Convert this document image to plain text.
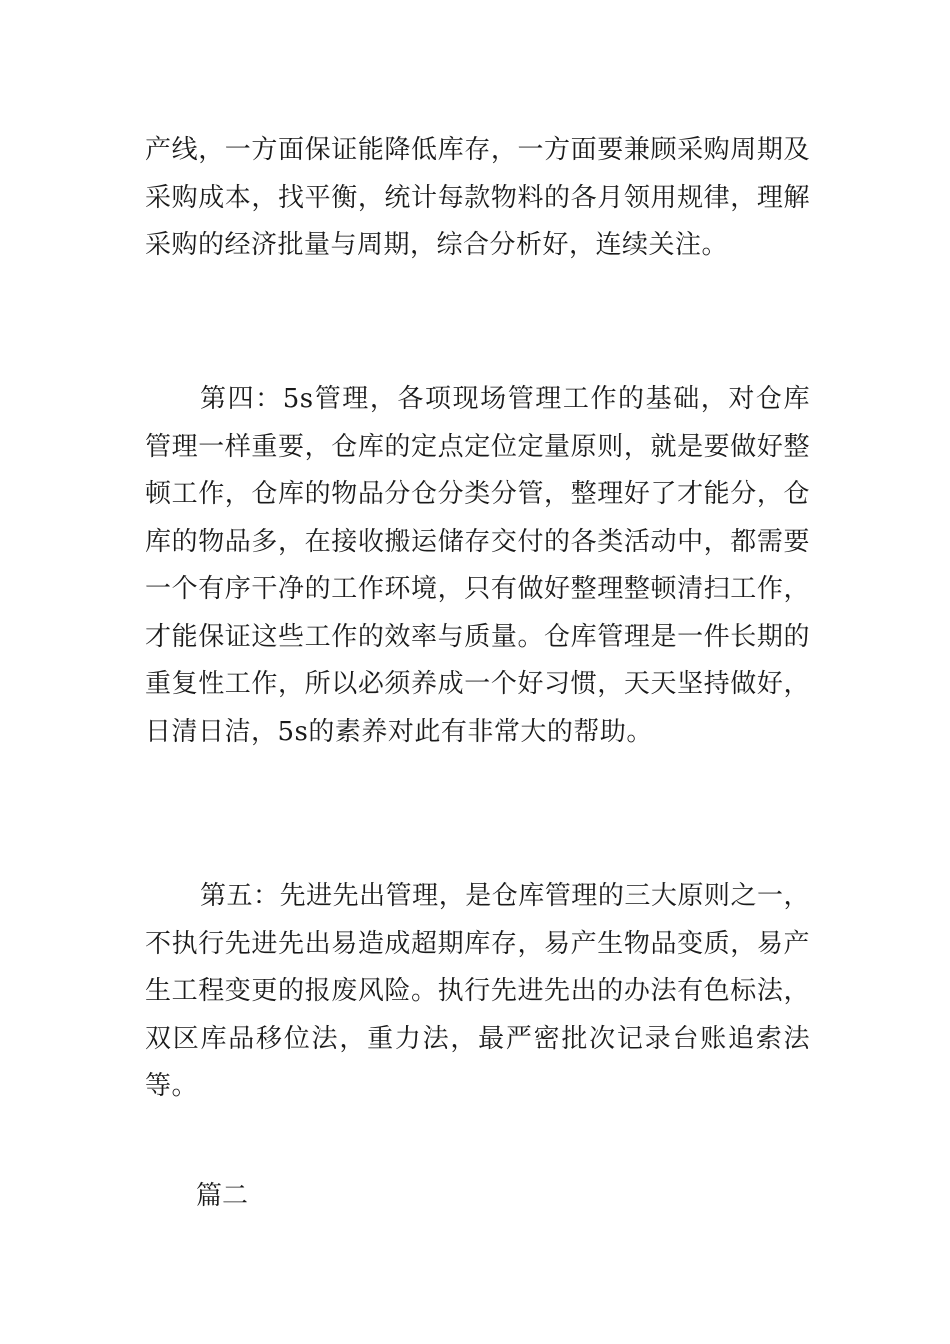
产线，一方面保证能降低库存，一方面要兼顾采购周期及采购成本，找平衡，统计每款物料的各月领用规律，理解采购的经济批量与周期，综合分析好，连续关注。

第四：5s管理，各项现场管理工作的基础，对仓库管理一样重要，仓库的定点定位定量原则，就是要做好整顿工作，仓库的物品分仓分类分管，整理好了才能分，仓库的物品多，在接收搬运储存交付的各类活动中，都需要一个有序干净的工作环境，只有做好整理整顿清扫工作，才能保证这些工作的效率与质量。仓库管理是一件长期的重复性工作，所以必须养成一个好习惯，天天坚持做好，日清日洁，5s的素养对此有非常大的帮助。

第五：先进先出管理，是仓库管理的三大原则之一，不执行先进先出易造成超期库存，易产生物品变质，易产生工程变更的报废风险。执行先进先出的办法有色标法，双区库品移位法，重力法，最严密批次记录台账追索法等。

篇二
